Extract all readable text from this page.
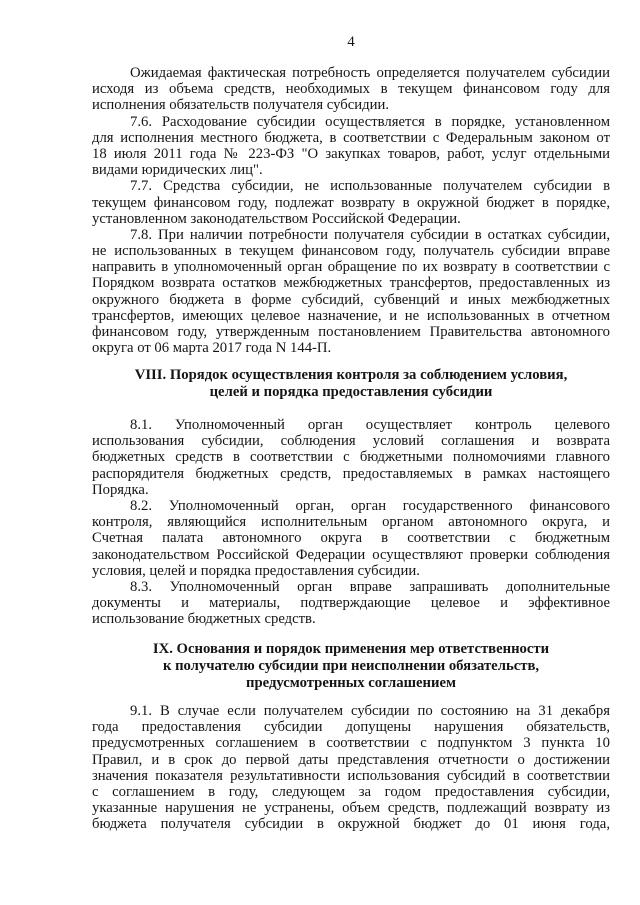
4
Ожидаемая фактическая потребность определяется получателем субсидии
исходя из объема средств, необходимых в текущем финансовом году для
исполнения обязательств получателя субсидии.
7.6. Расходование субсидии осуществляется в порядке, установленном
для исполнения местного бюджета, в соответствии с Федеральным законом от
18 июля 2011 года № 223-ФЗ "О закупках товаров, работ, услуг отдельными
видами юридических лиц".
7.7. Средства субсидии, не использованные получателем субсидии в
текущем финансовом году, подлежат возврату в окружной бюджет в порядке,
установленном законодательством Российской Федерации.
7.8. При наличии потребности получателя субсидии в остатках субсидии,
не использованных в текущем финансовом году, получатель субсидии вправе
направить в уполномоченный орган обращение по их возврату в соответствии с
Порядком возврата остатков межбюджетных трансфертов, предоставленных из
окружного бюджета в форме субсидий, субвенций и иных межбюджетных
трансфертов, имеющих целевое назначение, и не использованных в отчетном
финансовом году, утвержденным постановлением Правительства автономного
округа от 06 марта 2017 года N 144-П.
VIII. Порядок осуществления контроля за соблюдением условия,
целей и порядка предоставления субсидии
8.1. Уполномоченный орган осуществляет контроль целевого
использования субсидии, соблюдения условий соглашения и возврата
бюджетных средств в соответствии с бюджетными полномочиями главного
распорядителя бюджетных средств, предоставляемых в рамках настоящего
Порядка.
8.2. Уполномоченный орган, орган государственного финансового
контроля, являющийся исполнительным органом автономного округа, и
Счетная палата автономного округа в соответствии с бюджетным
законодательством Российской Федерации осуществляют проверки соблюдения
условия, целей и порядка предоставления субсидии.
8.3. Уполномоченный орган вправе запрашивать дополнительные
документы и материалы, подтверждающие целевое и эффективное
использование бюджетных средств.
IX. Основания и порядок применения мер ответственности
к получателю субсидии при неисполнении обязательств,
предусмотренных соглашением
9.1. В случае если получателем субсидии по состоянию на 31 декабря
года предоставления субсидии допущены нарушения обязательств,
предусмотренных соглашением в соответствии с подпунктом 3 пункта 10
Правил, и в срок до первой даты представления отчетности о достижении
значения показателя результативности использования субсидий в соответствии
с соглашением в году, следующем за годом предоставления субсидии,
указанные нарушения не устранены, объем средств, подлежащий возврату из
бюджета получателя субсидии в окружной бюджет до 01 июня года,
